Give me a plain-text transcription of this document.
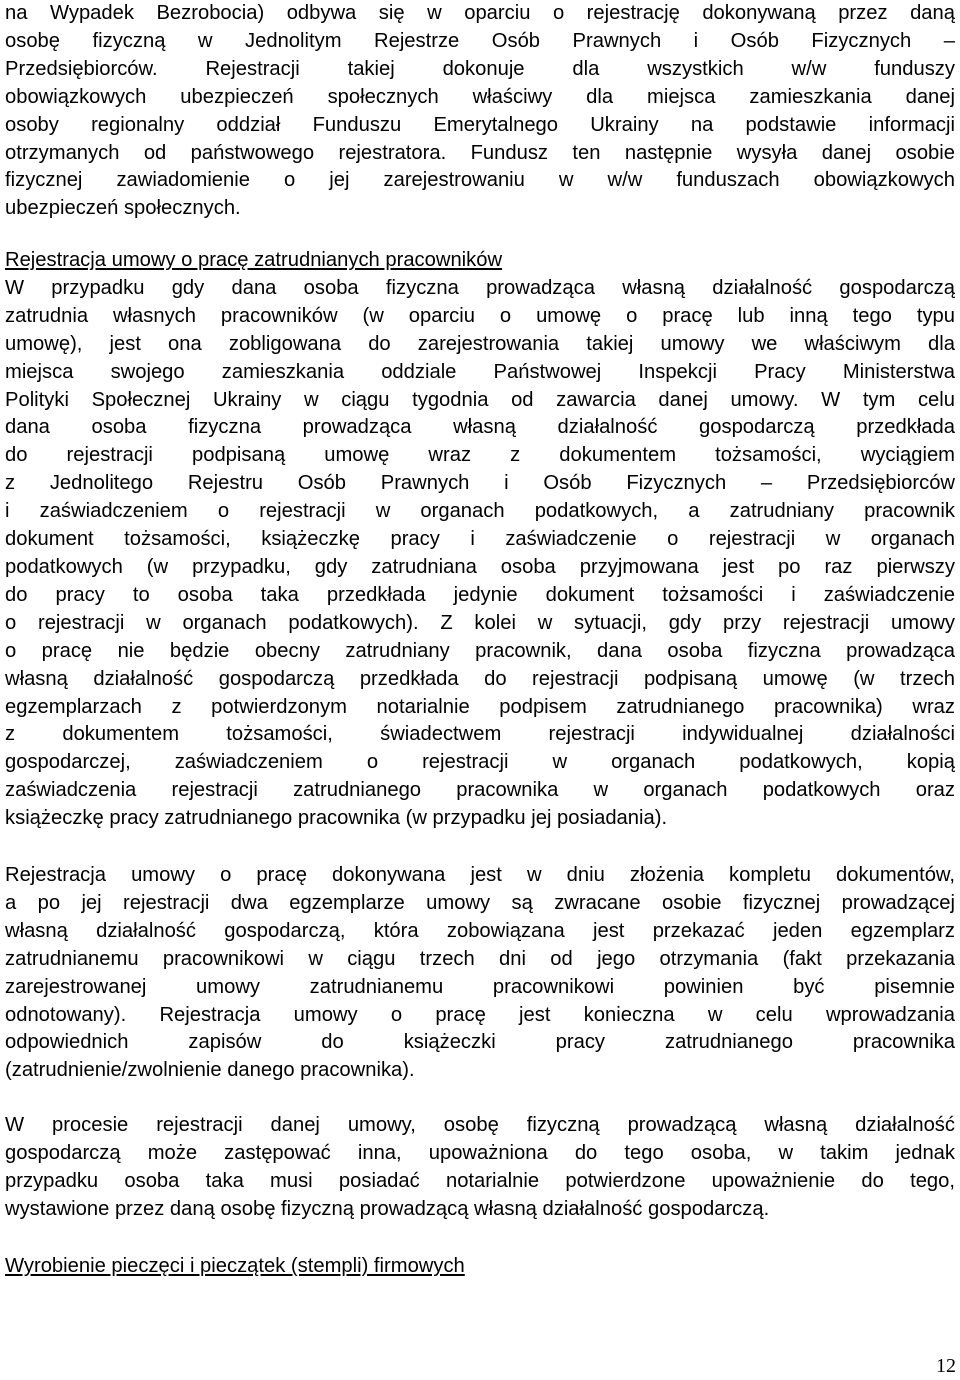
na Wypadek Bezrobocia) odbywa się w oparciu o rejestrację dokonywaną przez daną
osobę fizyczną w Jednolitym Rejestrze Osób Prawnych i Osób Fizycznych –
Przedsiębiorców. Rejestracji takiej dokonuje dla wszystkich w/w funduszy
obowiązkowych ubezpieczeń społecznych właściwy dla miejsca zamieszkania danej
osoby regionalny oddział Funduszu Emerytalnego Ukrainy na podstawie informacji
otrzymanych od państwowego rejestratora. Fundusz ten następnie wysyła danej osobie
fizycznej zawiadomienie o jej zarejestrowaniu w w/w funduszach obowiązkowych
ubezpieczeń społecznych.
Rejestracja umowy o pracę zatrudnianych pracowników
W przypadku gdy dana osoba fizyczna prowadząca własną działalność gospodarczą
zatrudnia własnych pracowników (w oparciu o umowę o pracę lub inną tego typu
umowę), jest ona zobligowana do zarejestrowania takiej umowy we właściwym dla
miejsca swojego zamieszkania oddziale Państwowej Inspekcji Pracy Ministerstwa
Polityki Społecznej Ukrainy w ciągu tygodnia od zawarcia danej umowy. W tym celu
dana osoba fizyczna prowadząca własną działalność gospodarczą przedkłada
do rejestracji podpisaną umowę wraz z dokumentem tożsamości, wyciągiem
z Jednolitego Rejestru Osób Prawnych i Osób Fizycznych – Przedsiębiorców
i zaświadczeniem o rejestracji w organach podatkowych, a zatrudniany pracownik
dokument tożsamości, książeczkę pracy i zaświadczenie o rejestracji w organach
podatkowych (w przypadku, gdy zatrudniana osoba przyjmowana jest po raz pierwszy
do pracy to osoba taka przedkłada jedynie dokument tożsamości i zaświadczenie
o rejestracji w organach podatkowych). Z kolei w sytuacji, gdy przy rejestracji umowy
o pracę nie będzie obecny zatrudniany pracownik, dana osoba fizyczna prowadząca
własną działalność gospodarczą przedkłada do rejestracji podpisaną umowę (w trzech
egzemplarzach z potwierdzonym notarialnie podpisem zatrudnianego pracownika) wraz
z dokumentem tożsamości, świadectwem rejestracji indywidualnej działalności
gospodarczej, zaświadczeniem o rejestracji w organach podatkowych, kopią
zaświadczenia rejestracji zatrudnianego pracownika w organach podatkowych oraz
książeczkę pracy zatrudnianego pracownika (w przypadku jej posiadania).
Rejestracja umowy o pracę dokonywana jest w dniu złożenia kompletu dokumentów,
a po jej rejestracji dwa egzemplarze umowy są zwracane osobie fizycznej prowadzącej
własną działalność gospodarczą, która zobowiązana jest przekazać jeden egzemplarz
zatrudnianemu pracownikowi w ciągu trzech dni od jego otrzymania (fakt przekazania
zarejestrowanej umowy zatrudnianemu pracownikowi powinien być pisemnie
odnotowany). Rejestracja umowy o pracę jest konieczna w celu wprowadzania
odpowiednich zapisów do książeczki pracy zatrudnianego pracownika
(zatrudnienie/zwolnienie danego pracownika).
W procesie rejestracji danej umowy, osobę fizyczną prowadzącą własną działalność
gospodarczą może zastępować inna, upoważniona do tego osoba, w takim jednak
przypadku osoba taka musi posiadać notarialnie potwierdzone upoważnienie do tego,
wystawione przez daną osobę fizyczną prowadzącą własną działalność gospodarczą.
Wyrobienie pieczęci i pieczątek (stempli) firmowych
12
